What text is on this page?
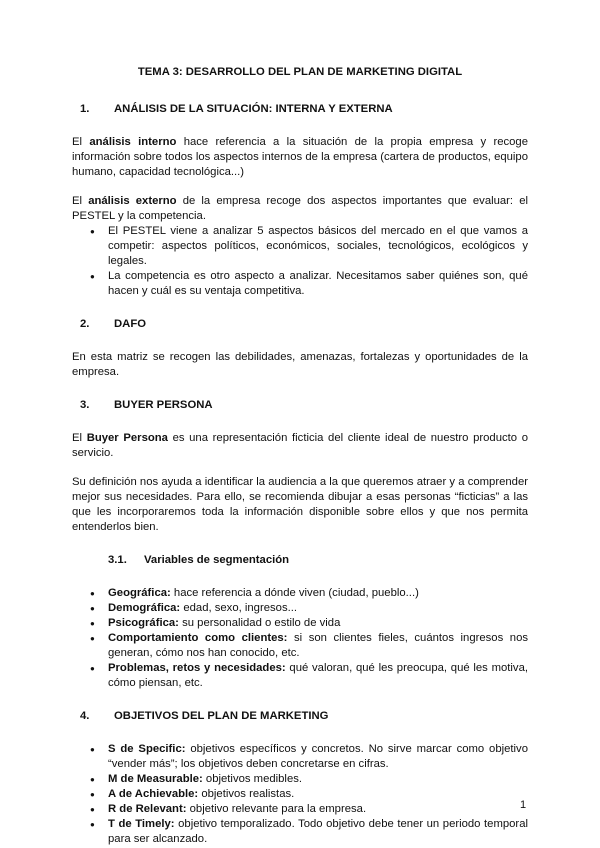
TEMA 3: DESARROLLO DEL PLAN DE MARKETING DIGITAL
1.	ANÁLISIS DE LA SITUACIÓN: INTERNA Y EXTERNA

El análisis interno hace referencia a la situación de la propia empresa y recoge información sobre todos los aspectos internos de la empresa (cartera de productos, equipo humano, capacidad tecnológica...)

El análisis externo de la empresa recoge dos aspectos importantes que evaluar: el PESTEL y la competencia.

● El PESTEL viene a analizar 5 aspectos básicos del mercado en el que vamos a competir: aspectos políticos, económicos, sociales, tecnológicos, ecológicos y legales.
● La competencia es otro aspecto a analizar. Necesitamos saber quiénes son, qué hacen y cuál es su ventaja competitiva.
2.	DAFO

En esta matriz se recogen las debilidades, amenazas, fortalezas y oportunidades de la empresa.

3.	BUYER PERSONA

El Buyer Persona es una representación ficticia del cliente ideal de nuestro producto o servicio.

Su definición nos ayuda a identificar la audiencia a la que queremos atraer y a comprender mejor sus necesidades. Para ello, se recomienda dibujar a esas personas “ficticias” a las que les incorporaremos toda la información disponible sobre ellos y que nos permita entenderlos bien.

3.1.	Variables de segmentación
● Geográfica: hace referencia a dónde viven (ciudad, pueblo...)
● Demográfica: edad, sexo, ingresos...
● Psicográfica: su personalidad o estilo de vida
● Comportamiento como clientes: si son clientes fieles, cuántos ingresos nos generan, cómo nos han conocido, etc.
● Problemas, retos y necesidades: qué valoran, qué les preocupa, qué les motiva, cómo piensan, etc.
4.	OBJETIVOS DEL PLAN DE MARKETING
● S de Specific: objetivos específicos y concretos. No sirve marcar como objetivo “vender más”; los objetivos deben concretarse en cifras.
● M de Measurable: objetivos medibles.
● A de Achievable: objetivos realistas.
● R de Relevant: objetivo relevante para la empresa.
● T de Timely: objetivo temporalizado. Todo objetivo debe tener un periodo temporal para ser alcanzado.
1
